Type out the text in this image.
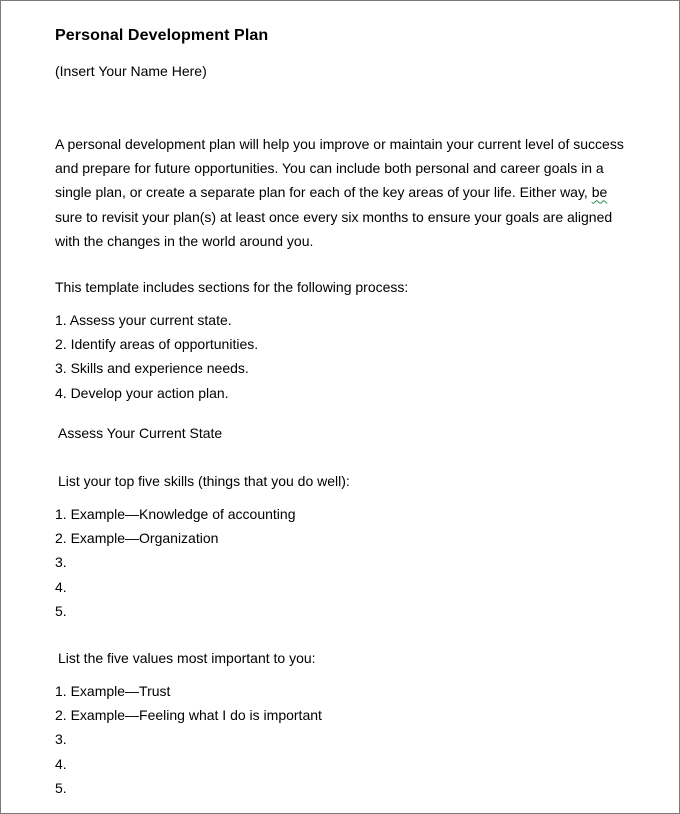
Personal Development Plan

(Insert Your Name Here)

A personal development plan will help you improve or maintain your current level of success and prepare for future opportunities. You can include both personal and career goals in a single plan, or create a separate plan for each of the key areas of your life. Either way, be sure to revisit your plan(s) at least once every six months to ensure your goals are aligned with the changes in the world around you.

This template includes sections for the following process:

1. Assess your current state.
2. Identify areas of opportunities.
3. Skills and experience needs.
4. Develop your action plan.
Assess Your Current State

List your top five skills (things that you do well):

1. Example—Knowledge of accounting
2. Example—Organization
3.
4.
5.

List the five values most important to you:

1. Example—Trust
2. Example—Feeling what I do is important
3.
4.
5.
